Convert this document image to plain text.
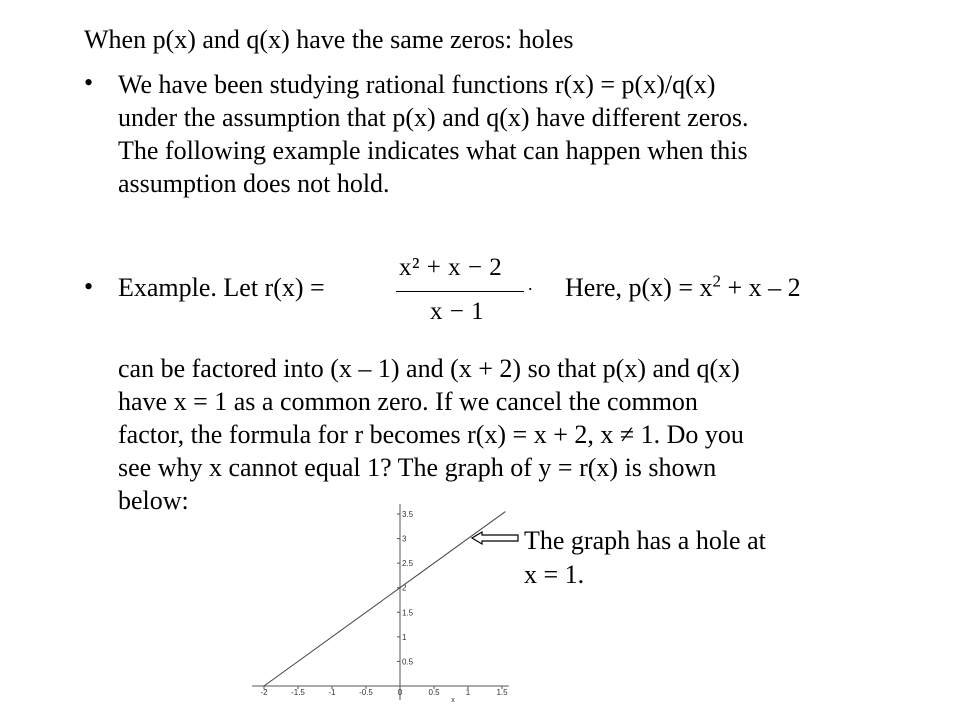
When p(x) and q(x) have the same zeros: holes
• We have been studying rational functions r(x) = p(x)/q(x)
under the assumption that p(x) and q(x) have different zeros.
The following example indicates what can happen when this
assumption does not hold.
• Example. Let r(x) =
x² + x − 2
x − 1
. Here, $p(x) = x^2 + x - 2$
can be factored into (x – 1) and (x + 2) so that p(x) and q(x)
have x = 1 as a common zero. If we cancel the common
factor, the formula for r becomes r(x) = x + 2, x ≠ 1. Do you
see why x cannot equal 1? The graph of y = r(x) is shown
below:
-2	-1.5	-1	-0.5	0	0.5	1	1.5
0.5
1
1.5
2
2.5
3
3.5
x
The graph has a hole at
x = 1.
